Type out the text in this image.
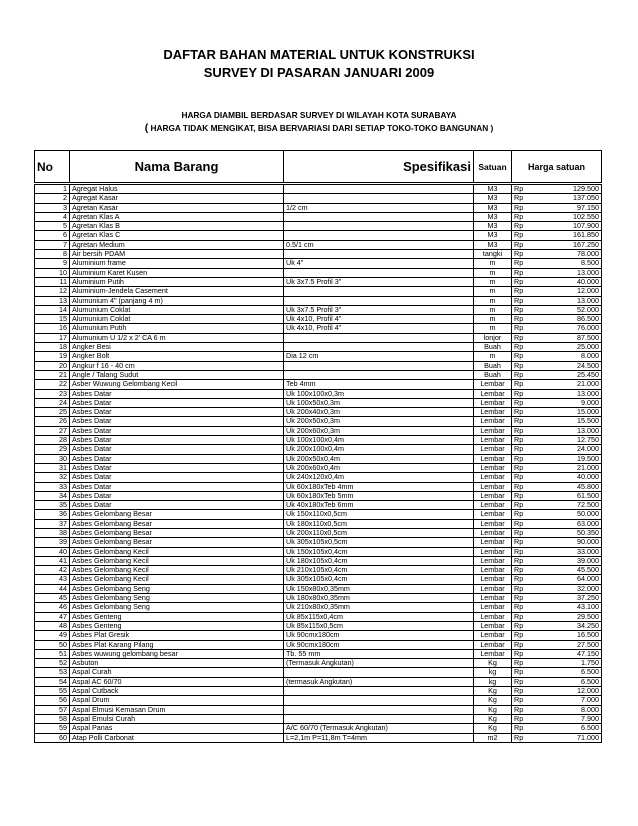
DAFTAR BAHAN MATERIAL UNTUK KONSTRUKSI
SURVEY DI PASARAN JANUARI 2009
HARGA DIAMBIL BERDASAR SURVEY DI WILAYAH KOTA SURABAYA
( HARGA TIDAK MENGIKAT, BISA BERVARIASI DARI SETIAP TOKO-TOKO BANGUNAN )
No	Nama Barang	Spesifikasi	Satuan	Harga satuan	

1	Agregat Halus		M3	Rp	129.500
2	Agregat Kasar		M3	Rp	137.050
3	Agretan Kasar	1/2 cm	M3	Rp	97.150
4	Agretan Klas A		M3	Rp	102.550
5	Agretan Klas B		M3	Rp	107.900
6	Agretan Klas C		M3	Rp	161.850
7	Agretan Medium	0.5/1 cm	M3	Rp	167.250
8	Air bersih PDAM		tangki	Rp	78.000
9	Aluminium frame	Uk 4"	m	Rp	8.500
10	Aluminium Karet Kusen		m	Rp	13.000
11	Aluminium Putih	Uk 3x7.5 Profil 3"	m	Rp	40.000
12	Aluminium-Jendela Casement		m	Rp	12.000
13	Alumunium 4" (panjang 4 m)		m	Rp	13.000
14	Alumunium Coklat	Uk 3x7.5 Profil 3"	m	Rp	52.000
15	Alumunium Coklat	Uk 4x10, Profil 4"	m	Rp	86.500
16	Alumunium Putih	Uk 4x10, Profil 4"	m	Rp	76.000
17	Alumunium U 1/2 x 2' CA 6 m		lonjor	Rp	87.500
18	Angker Besi		Buah	Rp	25.000
19	Angker Bolt	Dia 12 cm	m	Rp	8.000
20	Angkur f 16 - 40 cm		Buah	Rp	24.500
21	Angle / Talang Sudut		Buah	Rp	25.450
22	Asber Wuwung Gelombang Kecil	Teb 4mm	Lembar	Rp	21.000
23	Asbes Datar	Uk 100x100x0,3m	Lembar	Rp	13.000
24	Asbes Datar	Uk 100x50x0,3m	Lembar	Rp	9.000
25	Asbes Datar	Uk 200x40x0,3m	Lembar	Rp	15.000
26	Asbes Datar	Uk 200x50x0,3m	Lembar	Rp	15.500
27	Asbes Datar	Uk 200x60x0,3m	Lembar	Rp	13.000
28	Asbes Datar	Uk 100x100x0,4m	Lembar	Rp	12.750
29	Asbes Datar	Uk 200x100x0,4m	Lembar	Rp	24.000
30	Asbes Datar	Uk 200x50x0,4m	Lembar	Rp	19.500
31	Asbes Datar	Uk 200x60x0,4m	Lembar	Rp	21.000
32	Asbes Datar	Uk 240x120x0,4m	Lembar	Rp	40.000
33	Asbes Datar	Uk 60x180xTeb 4mm	Lembar	Rp	45.800
34	Asbes Datar	Uk 60x180xTeb 5mm	Lembar	Rp	61.500
35	Asbes Datar	Uk 40x180xTeb 6mm	Lembar	Rp	72.500
36	Asbes Gelombang Besar	Uk 150x110x0,5cm	Lembar	Rp	50.000
37	Asbes Gelombang Besar	Uk 180x110x0,5cm	Lembar	Rp	63.000
38	Asbes Gelombang Besar	Uk 200x110x0,5cm	Lembar	Rp	50.350
39	Asbes Gelombang Besar	Uk 305x105x0,5cm	Lembar	Rp	90.000
40	Asbes Gelombang Kecil	Uk 150x105x0,4cm	Lembar	Rp	33.000
41	Asbes Gelombang Kecil	Uk 180x105x0,4cm	Lembar	Rp	39.000
42	Asbes Gelombang Kecil	Uk 210x105x0,4cm	Lembar	Rp	45.500
43	Asbes Gelombang Kecil	Uk 305x105x0,4cm	Lembar	Rp	64.000
44	Asbes Gelombang Seng	Uk 150x80x0,35mm	Lembar	Rp	32.000
45	Asbes Gelombang Seng	Uk 180x80x0,35mm	Lembar	Rp	37.250
46	Asbes Gelombang Seng	Uk 210x80x0,35mm	Lembar	Rp	43.100
47	Asbes Genteng	Uk 85x115x0,4cm	Lembar	Rp	29.500
48	Asbes Genteng	Uk 85x115x0,5cm	Lembar	Rp	34.250
49	Asbes Plat Gresik	Uk 90cmx180cm	Lembar	Rp	16.500
50	Asbes Plat Karang Pilang	Uk 90cmx180cm	Lembar	Rp	27.500
51	Asbes wuwung gelombang besar	Tb. 55 mm	Lembar	Rp	47.150
52	Asbuton	(Termasuk Angkutan)	Kg	Rp	1.750
53	Aspal Curah		kg	Rp	6.500
54	Aspal AC 60/70	(termasuk Angkutan)	kg	Rp	6.500
55	Aspal Cutback		Kg	Rp	12.000
56	Aspal Drum		Kg	Rp	7.000
57	Aspal Elmusi Kemasan Drum		Kg	Rp	8.000
58	Aspal Emulsi Curah		Kg	Rp	7.900
59	Aspal Panas	A/C 60/70 (Termasuk Angkutan)	Kg	Rp	6.500
60	Atap Polli Carbonat	L=2,1m P=11,8m T=4mm	m2	Rp	71.000
